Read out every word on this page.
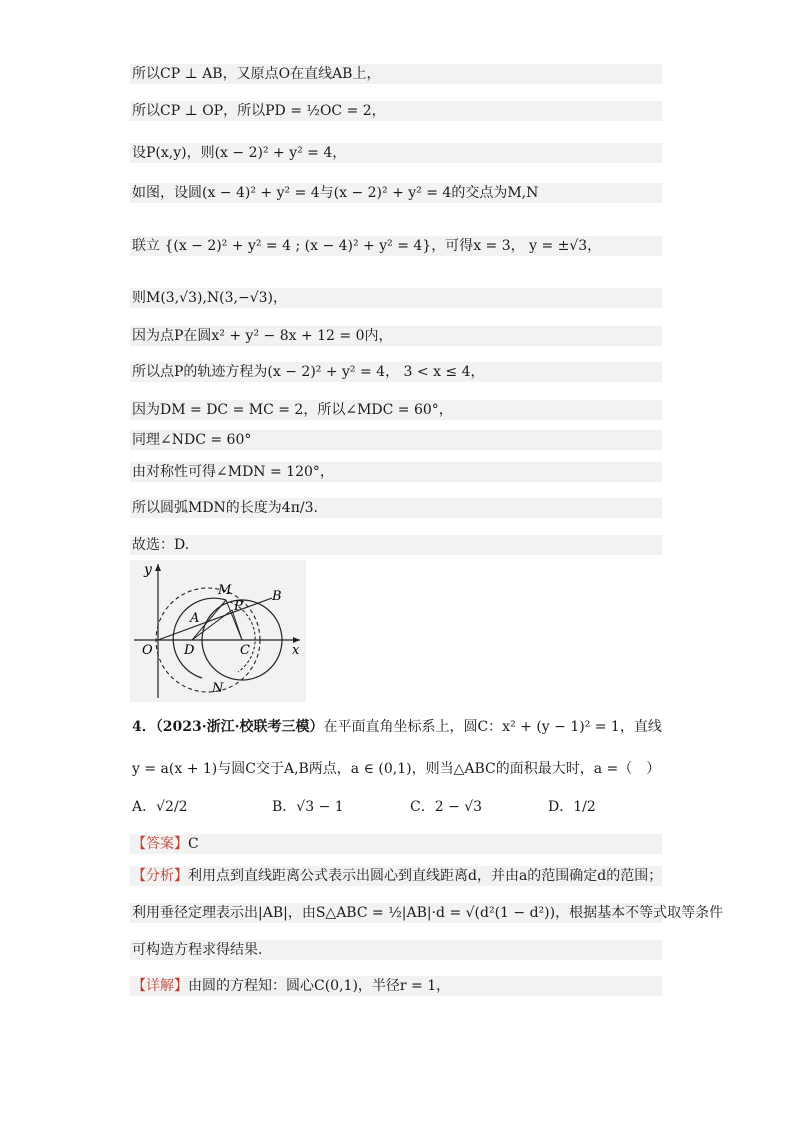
所以CP ⊥ AB，又原点O在直线AB上，
所以CP ⊥ OP，所以PD = ½OC = 2，
设P(x,y)，则(x − 2)² + y² = 4，
如图，设圆(x − 4)² + y² = 4与(x − 2)² + y² = 4的交点为M,N
联立 {(x − 2)² + y² = 4 ; (x − 4)² + y² = 4}，可得x = 3， y = ±√3，
则M(3,√3),N(3,−√3)，
因为点P在圆x² + y² − 8x + 12 = 0内，
所以点P的轨迹方程为(x − 2)² + y² = 4， 3 < x ≤ 4，
因为DM = DC = MC = 2，所以∠MDC = 60°，
同理∠NDC = 60°
由对称性可得∠MDN = 120°，
所以圆弧MDN的长度为4π/3.
故选：D.
y
M	B
P
A
O D	C	x
N
4．（2023·浙江·校联考三模）在平面直角坐标系上，圆C：x² + (y − 1)² = 1，直线
y = a(x + 1)与圆C交于A,B两点，a ∈ (0,1)，则当△ABC的面积最大时，a =（　）
A．√2/2	B．√3 − 1	C．2 − √3	D．1/2
【答案】C
【分析】利用点到直线距离公式表示出圆心到直线距离d，并由a的范围确定d的范围；
利用垂径定理表示出|AB|，由S△ABC = ½|AB|·d = √(d²(1 − d²))，根据基本不等式取等条件
可构造方程求得结果.
【详解】由圆的方程知：圆心C(0,1)，半径r = 1，
